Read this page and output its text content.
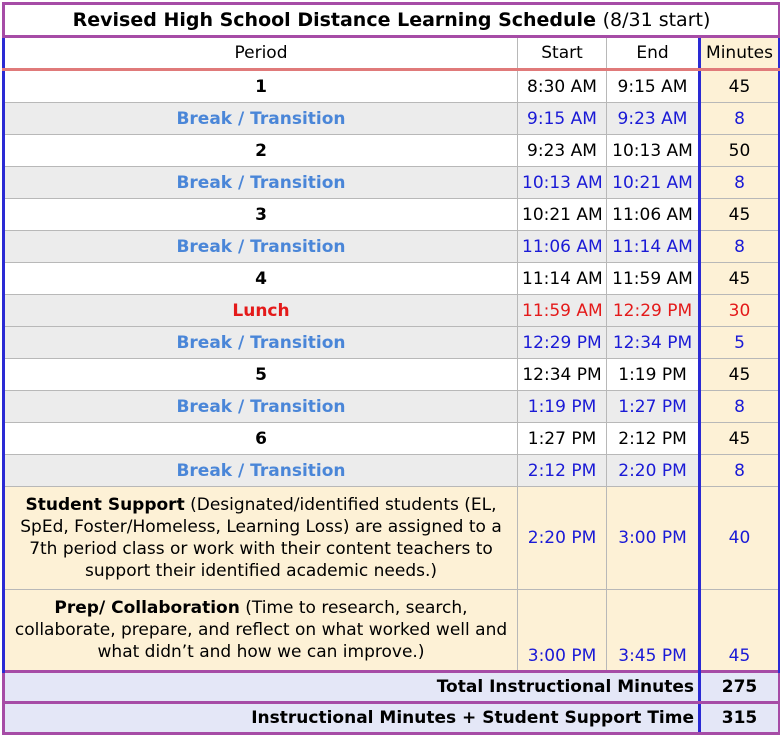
Revised High School Distance Learning Schedule (8/31 start)			
Period	Start	End	Minutes
1	8:30 AM	9:15 AM	45
Break / Transition	9:15 AM	9:23 AM	8
2	9:23 AM	10:13 AM	50
Break / Transition	10:13 AM	10:21 AM	8
3	10:21 AM	11:06 AM	45
Break / Transition	11:06 AM	11:14 AM	8
4	11:14 AM	11:59 AM	45
Lunch	11:59 AM	12:29 PM	30
Break / Transition	12:29 PM	12:34 PM	5
5	12:34 PM	1:19 PM	45
Break / Transition	1:19 PM	1:27 PM	8
6	1:27 PM	2:12 PM	45
Break / Transition	2:12 PM	2:20 PM	8
Student Support (Designated/identified students (EL, SpEd, Foster/Homeless, Learning Loss) are assigned to a 7th period class or work with their content teachers to support their identified academic needs.)	2:20 PM	3:00 PM	40
Prep/ Collaboration (Time to research, search, collaborate, prepare, and reflect on what worked well and what didn’t and how we can improve.)	3:00 PM	3:45 PM	45
Total Instructional Minutes			275
Instructional Minutes + Student Support Time			315
